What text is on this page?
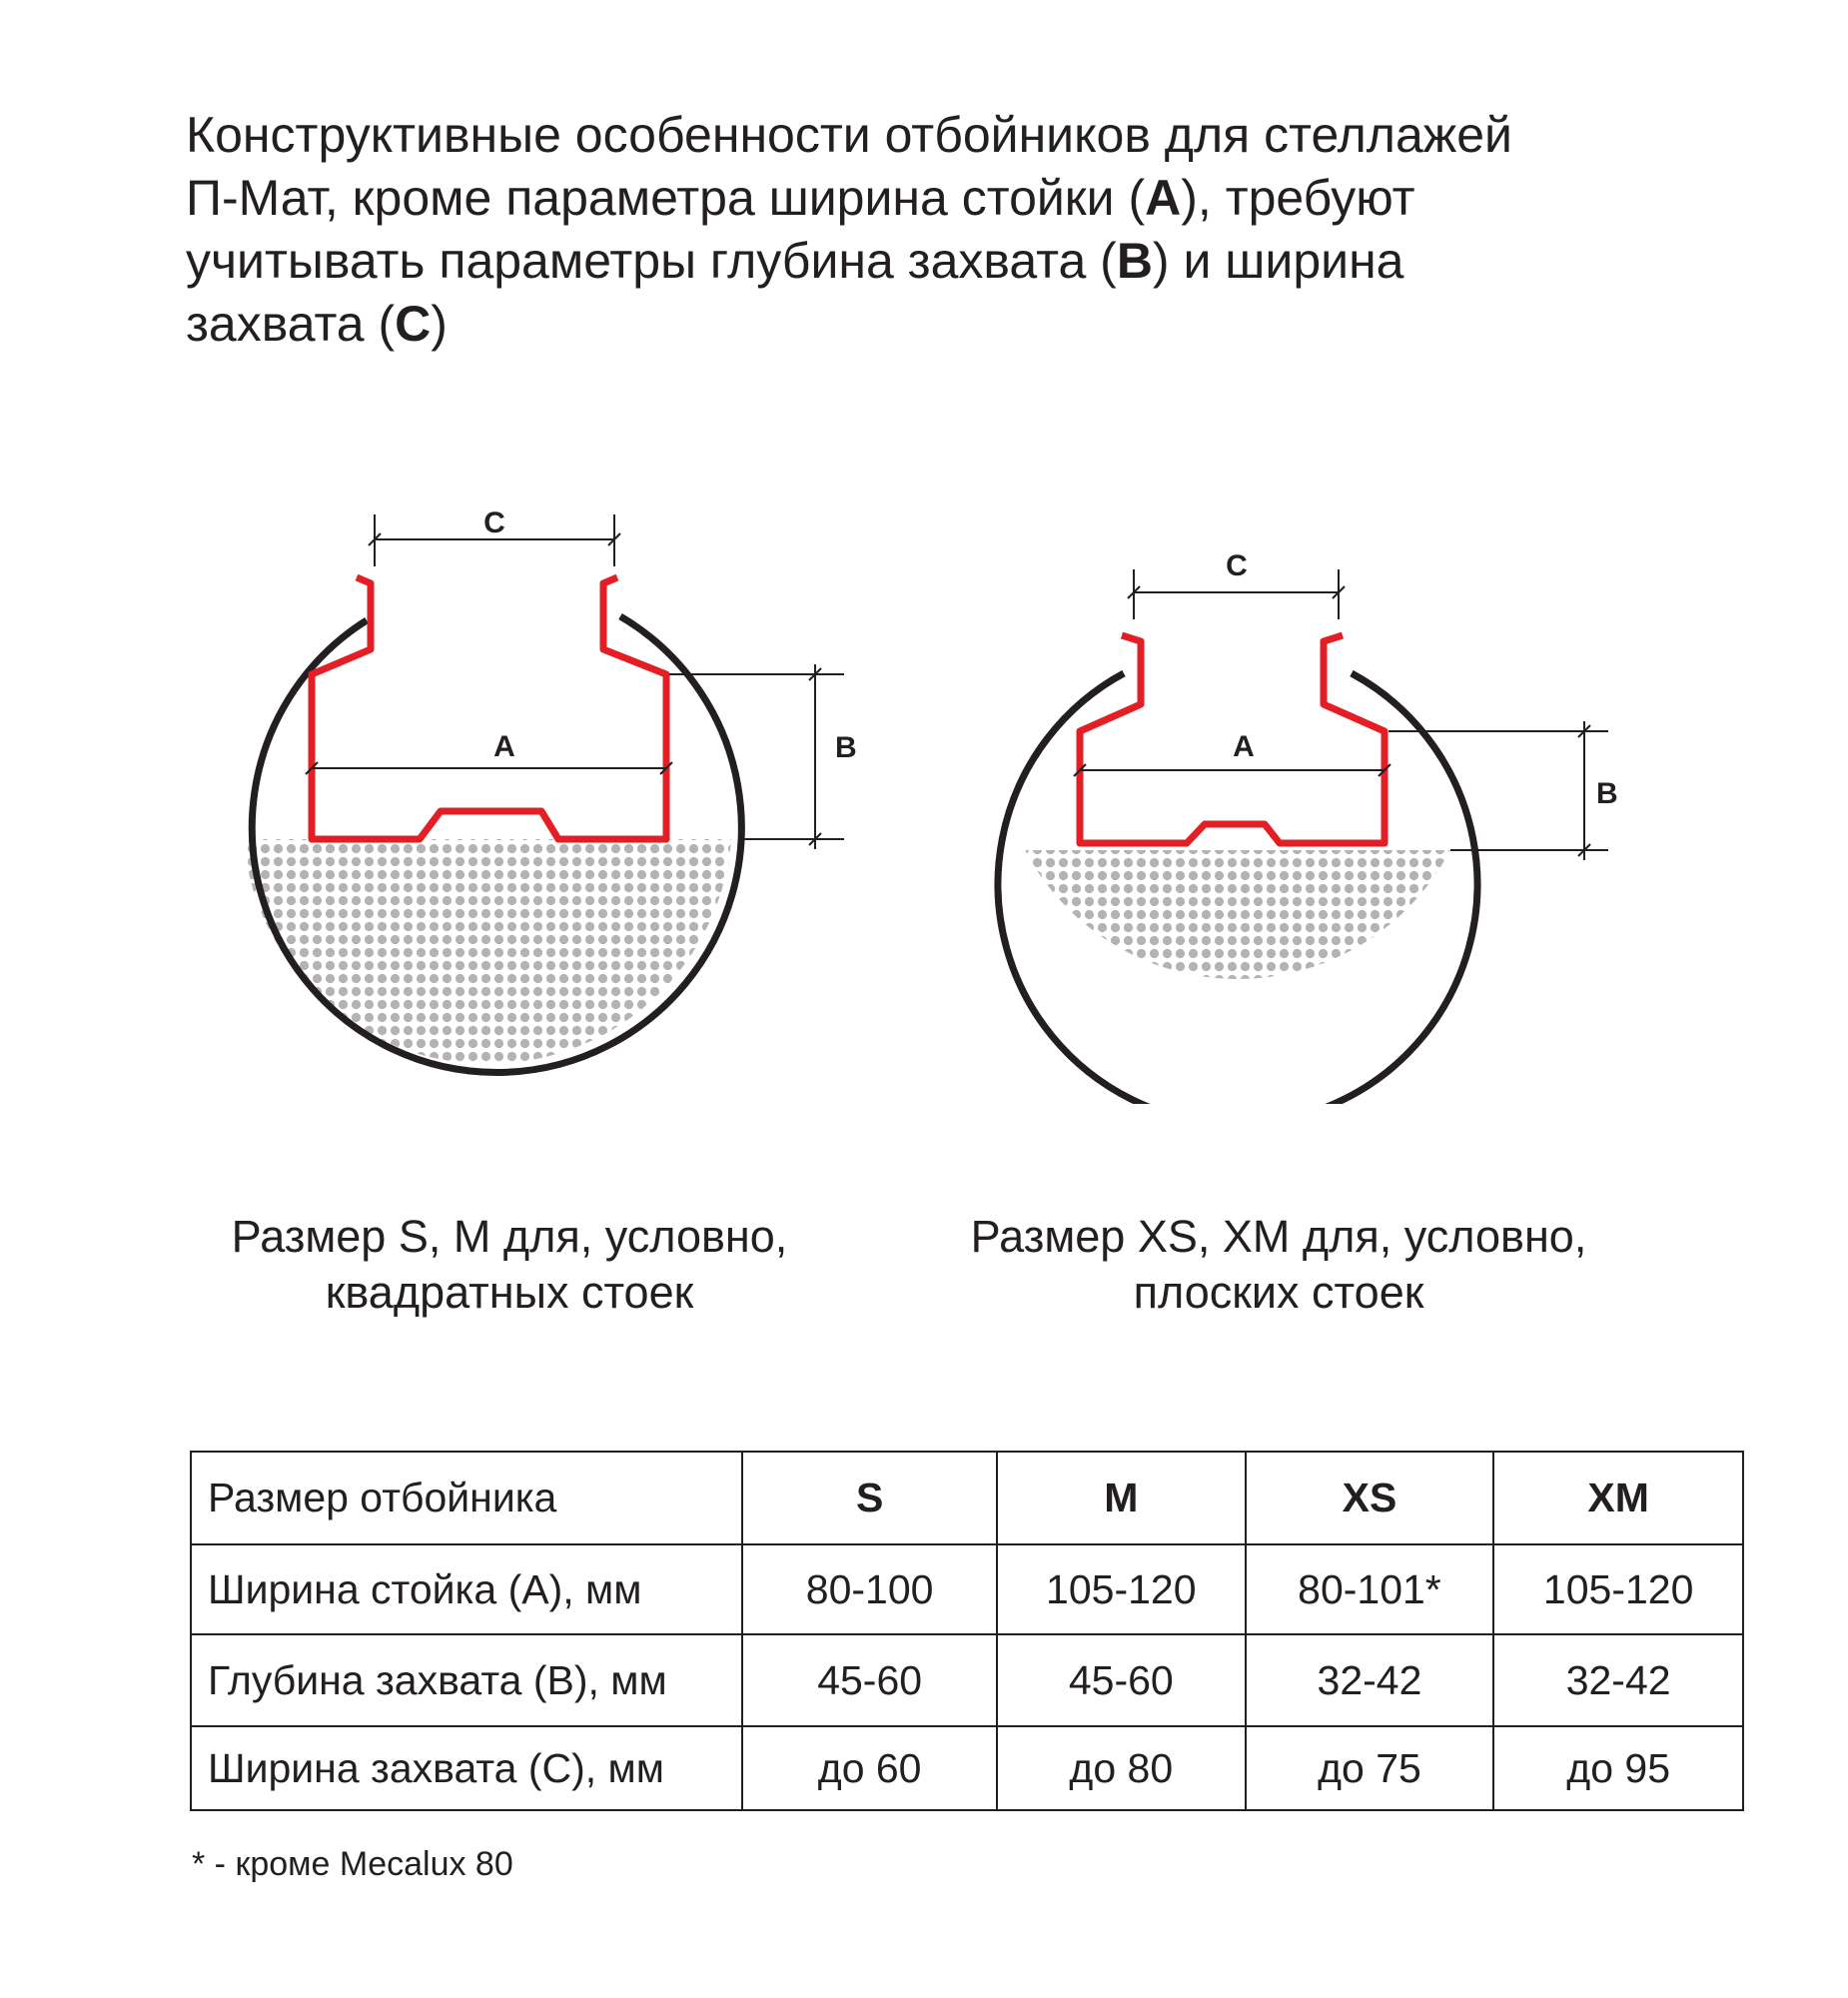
Конструктивные особенности отбойников для стеллажей
П-Мат, кроме параметра ширина стойки (А), требуют
учитывать параметры глубина захвата (В) и ширина
захвата (С)
С
А	В
С
А
В
Размер S, M для, условно,
квадратных стоек
Размер XS, XM для, условно,
плоских стоек
Размер отбойника	S	M	XS	XM
Ширина стойка (А), мм	80-100	105-120	80-101*	105-120
Глубина захвата (В), мм	45-60	45-60	32-42	32-42
Ширина захвата (С), мм	до 60	до 80	до 75	до 95
* - кроме Mecalux 80
